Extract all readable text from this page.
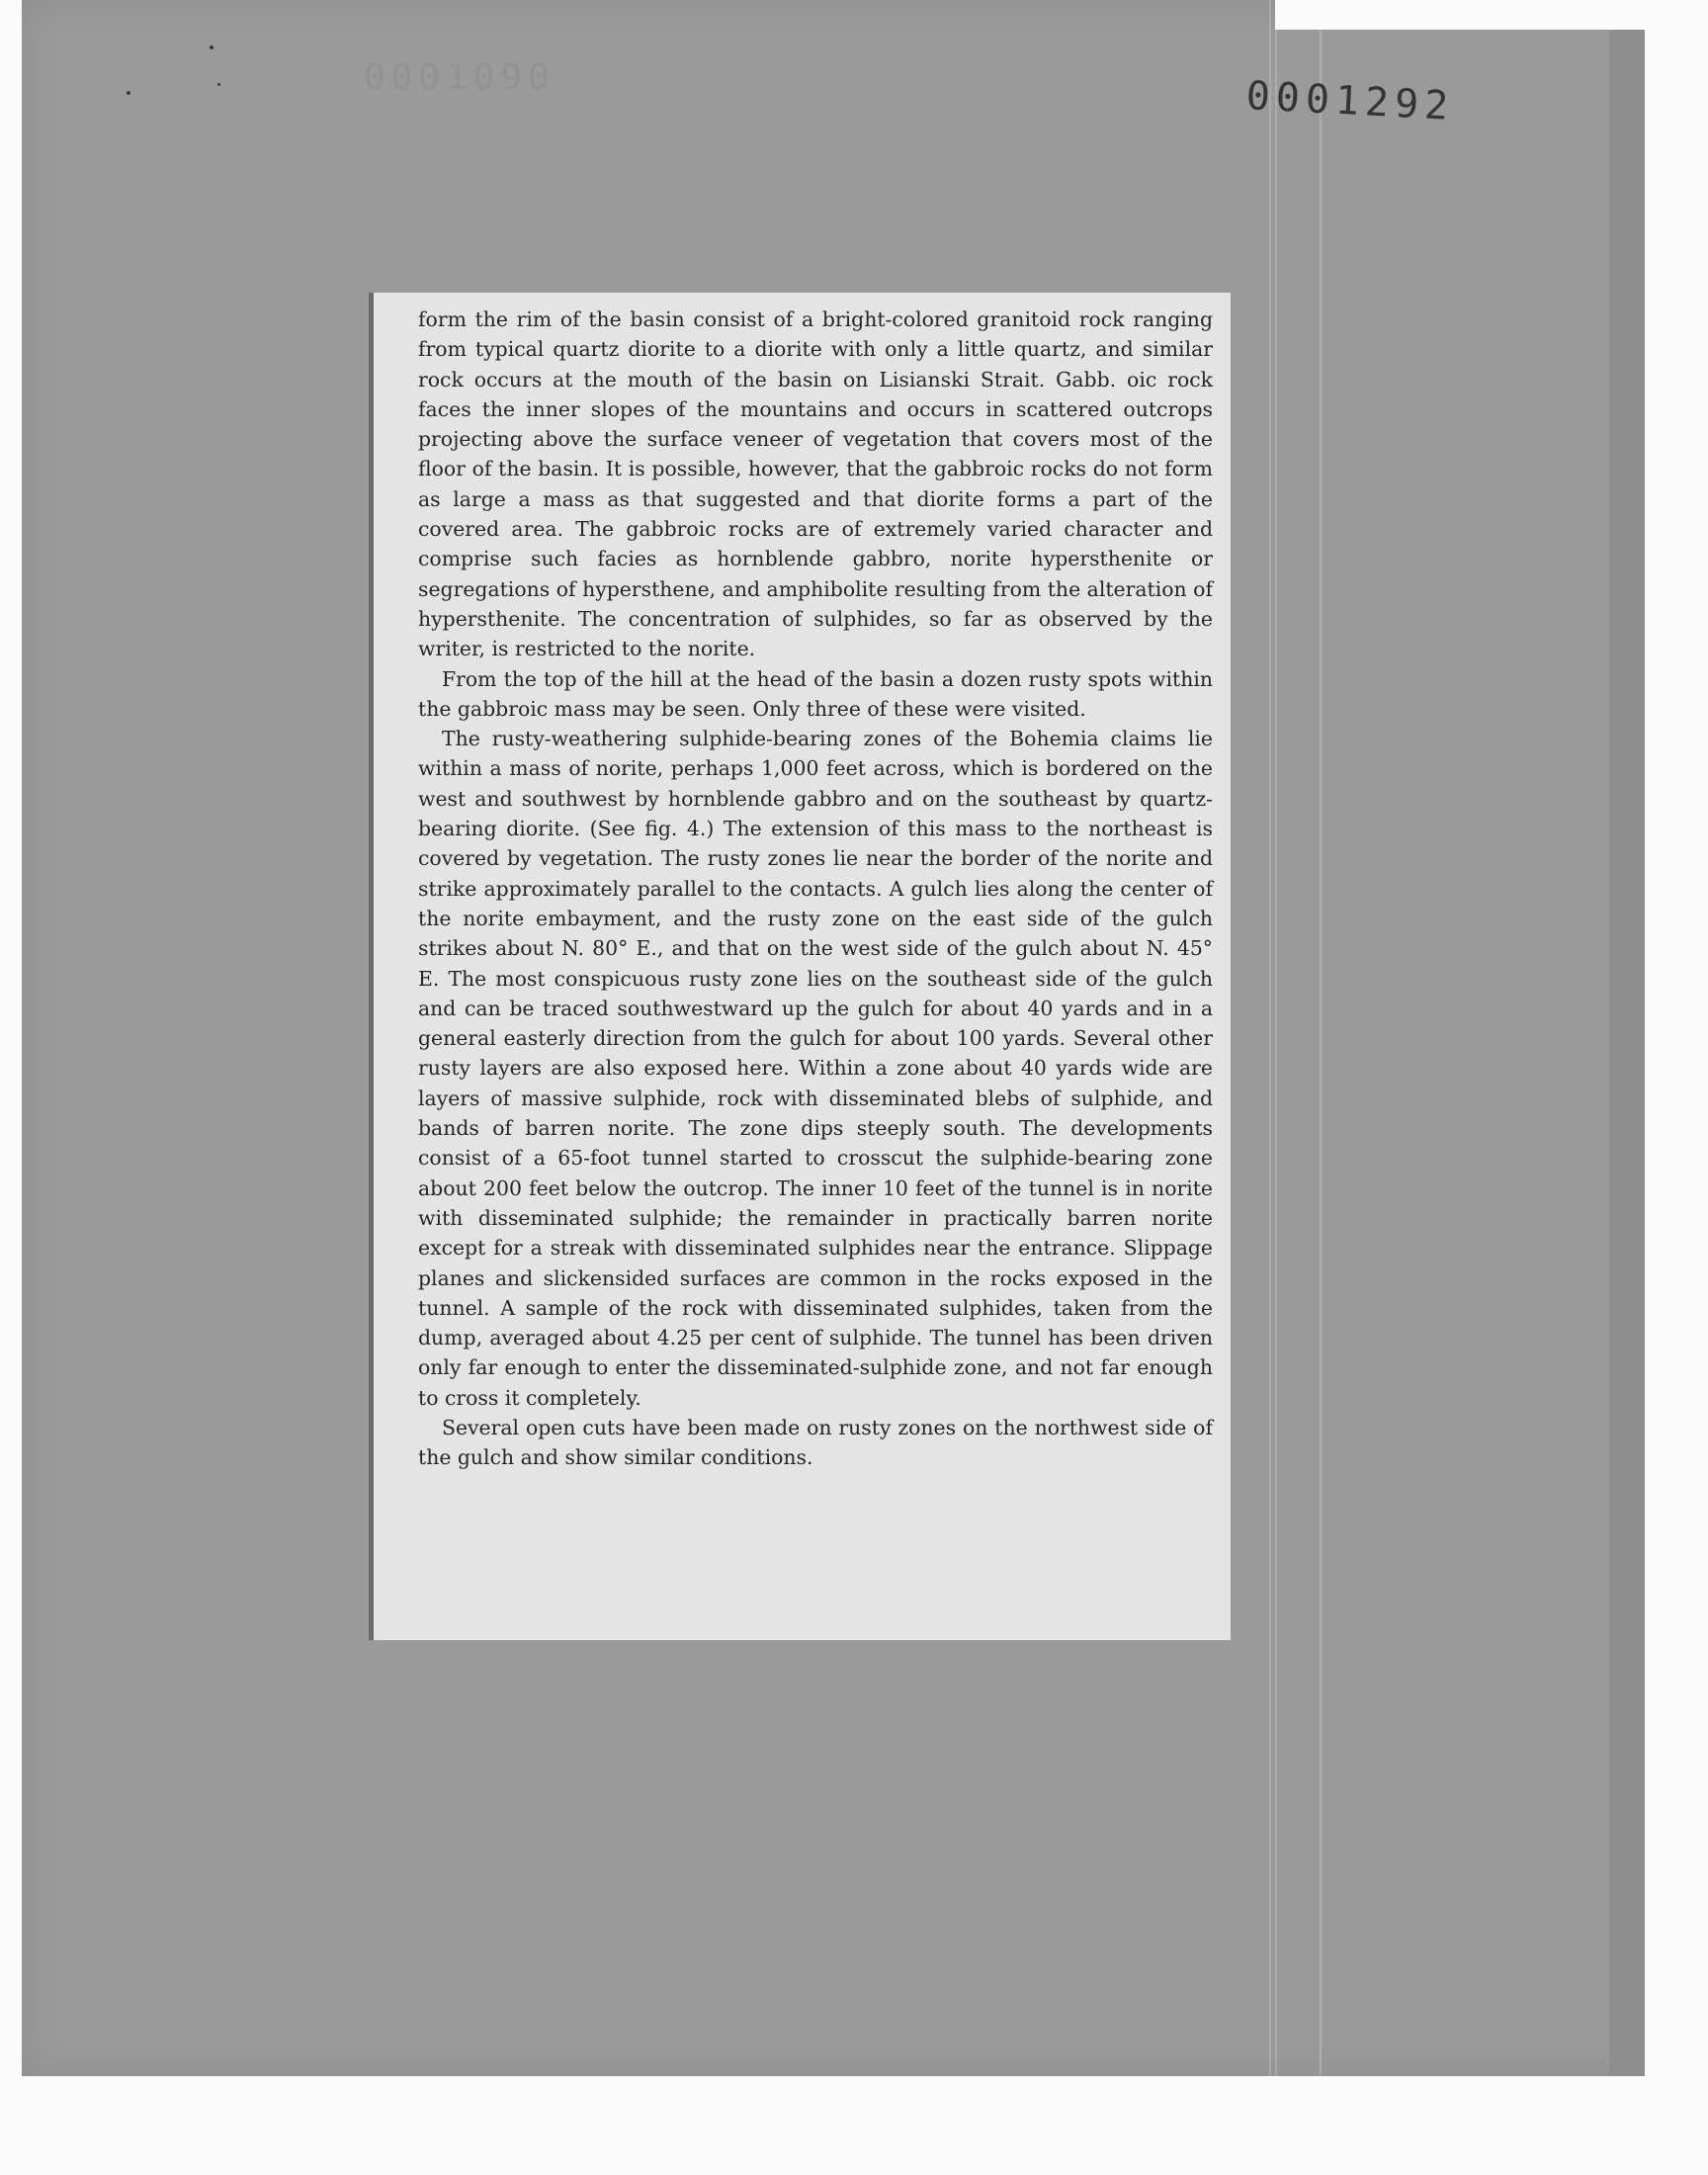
0001090	0001292

form the rim of the basin consist of a bright-colored granitoid rock ranging from typical quartz diorite to a diorite with only a little quartz, and similar rock occurs at the mouth of the basin on Lisianski Strait. Gabb. oic rock faces the inner slopes of the mountains and occurs in scattered outcrops projecting above the surface veneer of vegetation that covers most of the floor of the basin. It is possible, however, that the gabbroic rocks do not form as large a mass as that suggested and that diorite forms a part of the covered area. The gabbroic rocks are of extremely varied character and comprise such facies as hornblende gabbro, norite hypersthenite or segregations of hypersthene, and amphibolite resulting from the alteration of hypersthenite. The concentration of sulphides, so far as observed by the writer, is restricted to the norite.

From the top of the hill at the head of the basin a dozen rusty spots within the gabbroic mass may be seen. Only three of these were visited.

The rusty-weathering sulphide-bearing zones of the Bohemia claims lie within a mass of norite, perhaps 1,000 feet across, which is bordered on the west and southwest by hornblende gabbro and on the southeast by quartz-bearing diorite. (See fig. 4.) The extension of this mass to the northeast is covered by vegetation. The rusty zones lie near the border of the norite and strike approximately parallel to the contacts. A gulch lies along the center of the norite embayment, and the rusty zone on the east side of the gulch strikes about N. 80° E., and that on the west side of the gulch about N. 45° E. The most conspicuous rusty zone lies on the southeast side of the gulch and can be traced southwestward up the gulch for about 40 yards and in a general easterly direction from the gulch for about 100 yards. Several other rusty layers are also exposed here. Within a zone about 40 yards wide are layers of massive sulphide, rock with disseminated blebs of sulphide, and bands of barren norite. The zone dips steeply south. The developments consist of a 65-foot tunnel started to crosscut the sulphide-bearing zone about 200 feet below the outcrop. The inner 10 feet of the tunnel is in norite with disseminated sulphide; the remainder in practically barren norite except for a streak with disseminated sulphides near the entrance. Slippage planes and slickensided surfaces are common in the rocks exposed in the tunnel. A sample of the rock with disseminated sulphides, taken from the dump, averaged about 4.25 per cent of sulphide. The tunnel has been driven only far enough to enter the disseminated-sulphide zone, and not far enough to cross it completely.

Several open cuts have been made on rusty zones on the northwest side of the gulch and show similar conditions.
